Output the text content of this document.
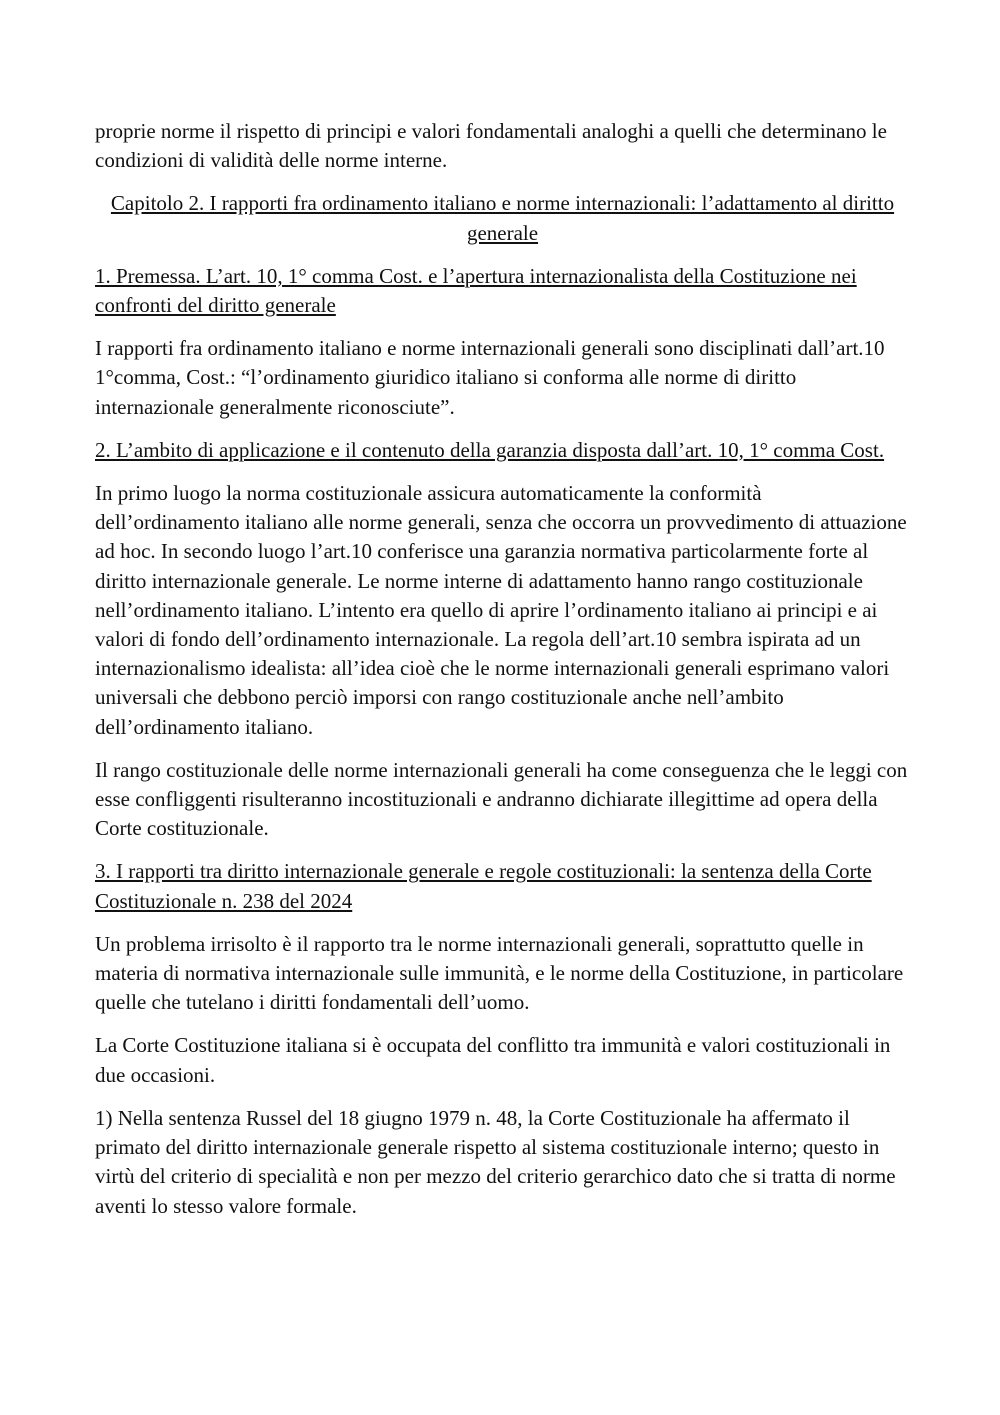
proprie norme il rispetto di principi e valori fondamentali analoghi a quelli che determinano le condizioni di validità delle norme interne.

Capitolo 2. I rapporti fra ordinamento italiano e norme internazionali: l’adattamento al diritto generale

1. Premessa. L’art. 10, 1° comma Cost. e l’apertura internazionalista della Costituzione nei confronti del diritto generale

I rapporti fra ordinamento italiano e norme internazionali generali sono disciplinati dall’art.10 1°comma, Cost.: “l’ordinamento giuridico italiano si conforma alle norme di diritto internazionale generalmente riconosciute”.

2. L’ambito di applicazione e il contenuto della garanzia disposta dall’art. 10, 1° comma Cost.

In primo luogo la norma costituzionale assicura automaticamente la conformità dell’ordinamento italiano alle norme generali, senza che occorra un provvedimento di attuazione ad hoc. In secondo luogo l’art.10 conferisce una garanzia normativa particolarmente forte al diritto internazionale generale. Le norme interne di adattamento hanno rango costituzionale nell’ordinamento italiano. L’intento era quello di aprire l’ordinamento italiano ai principi e ai valori di fondo dell’ordinamento internazionale. La regola dell’art.10 sembra ispirata ad un internazionalismo idealista: all’idea cioè che le norme internazionali generali esprimano valori universali che debbono perciò imporsi con rango costituzionale anche nell’ambito dell’ordinamento italiano.

Il rango costituzionale delle norme internazionali generali ha come conseguenza che le leggi con esse confliggenti risulteranno incostituzionali e andranno dichiarate illegittime ad opera della Corte costituzionale.

3. I rapporti tra diritto internazionale generale e regole costituzionali: la sentenza della Corte Costituzionale n. 238 del 2024

Un problema irrisolto è il rapporto tra le norme internazionali generali, soprattutto quelle in materia di normativa internazionale sulle immunità, e le norme della Costituzione, in particolare quelle che tutelano i diritti fondamentali dell’uomo.

La Corte Costituzione italiana si è occupata del conflitto tra immunità e valori costituzionali in due occasioni.

1) Nella sentenza Russel del 18 giugno 1979 n. 48, la Corte Costituzionale ha affermato il primato del diritto internazionale generale rispetto al sistema costituzionale interno; questo in virtù del criterio di specialità e non per mezzo del criterio gerarchico dato che si tratta di norme aventi lo stesso valore formale.
